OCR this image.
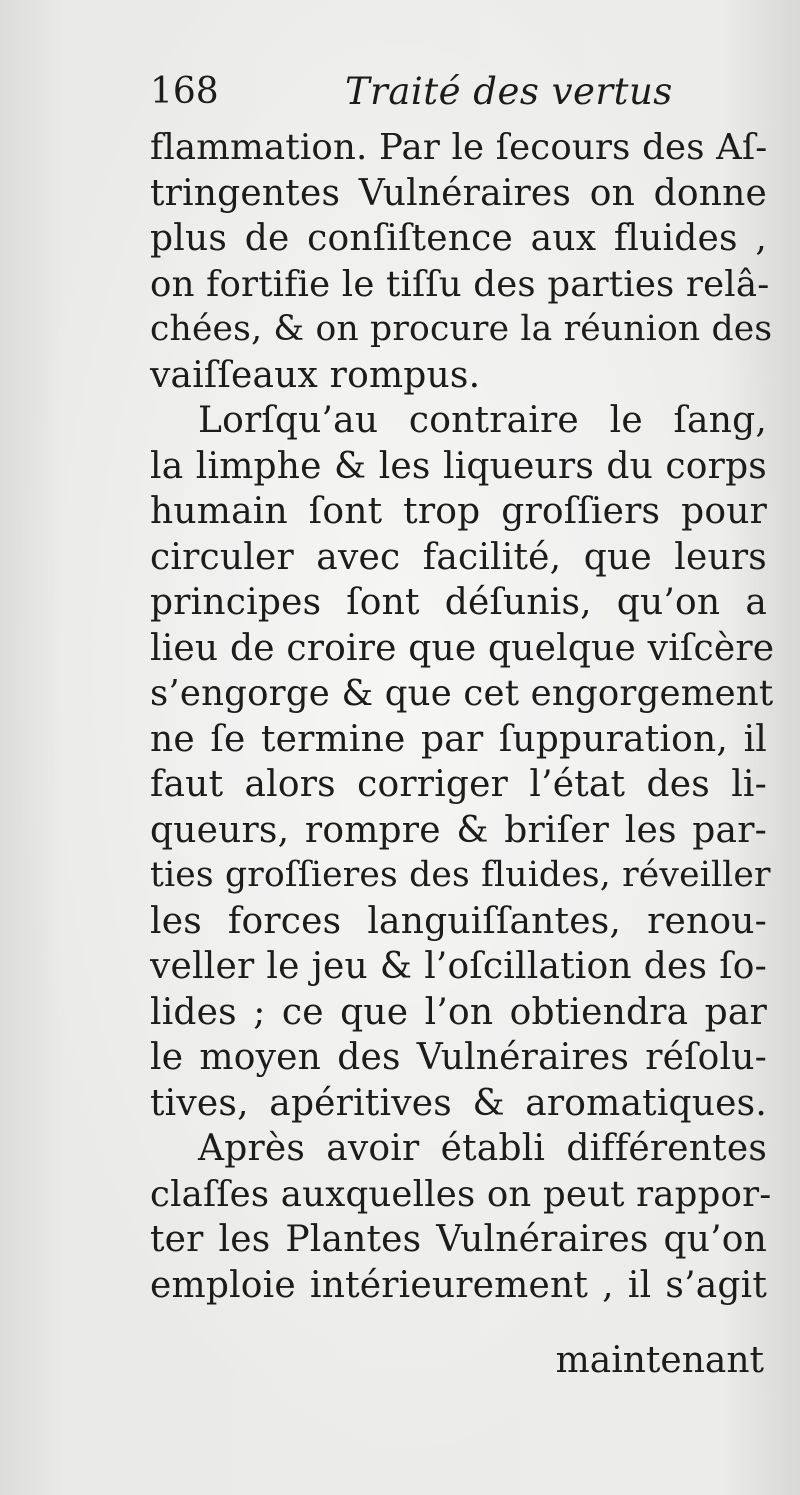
168	Traité des vertus
flammation. Par le ſecours des Aſ-
tringentes Vulnéraires on donne
plus de conſiſtence aux fluides ,
on fortifie le tiſſu des parties relâ-
chées, & on procure la réunion des
vaiſſeaux rompus.
Lorſqu’au contraire le ſang,
la limphe & les liqueurs du corps
humain ſont trop groſſiers pour
circuler avec facilité, que leurs
principes ſont déſunis, qu’on a
lieu de croire que quelque viſcère
s’engorge & que cet engorgement
ne ſe termine par ſuppuration, il
faut alors corriger l’état des li-
queurs, rompre & briſer les par-
ties groſſieres des fluides, réveiller
les forces languiſſantes, renou-
veller le jeu & l’oſcillation des ſo-
lides ; ce que l’on obtiendra par
le moyen des Vulnéraires réſolu-
tives, apéritives & aromatiques.
Après avoir établi différentes
claſſes auxquelles on peut rappor-
ter les Plantes Vulnéraires qu’on
emploie intérieurement , il s’agit
maintenant
